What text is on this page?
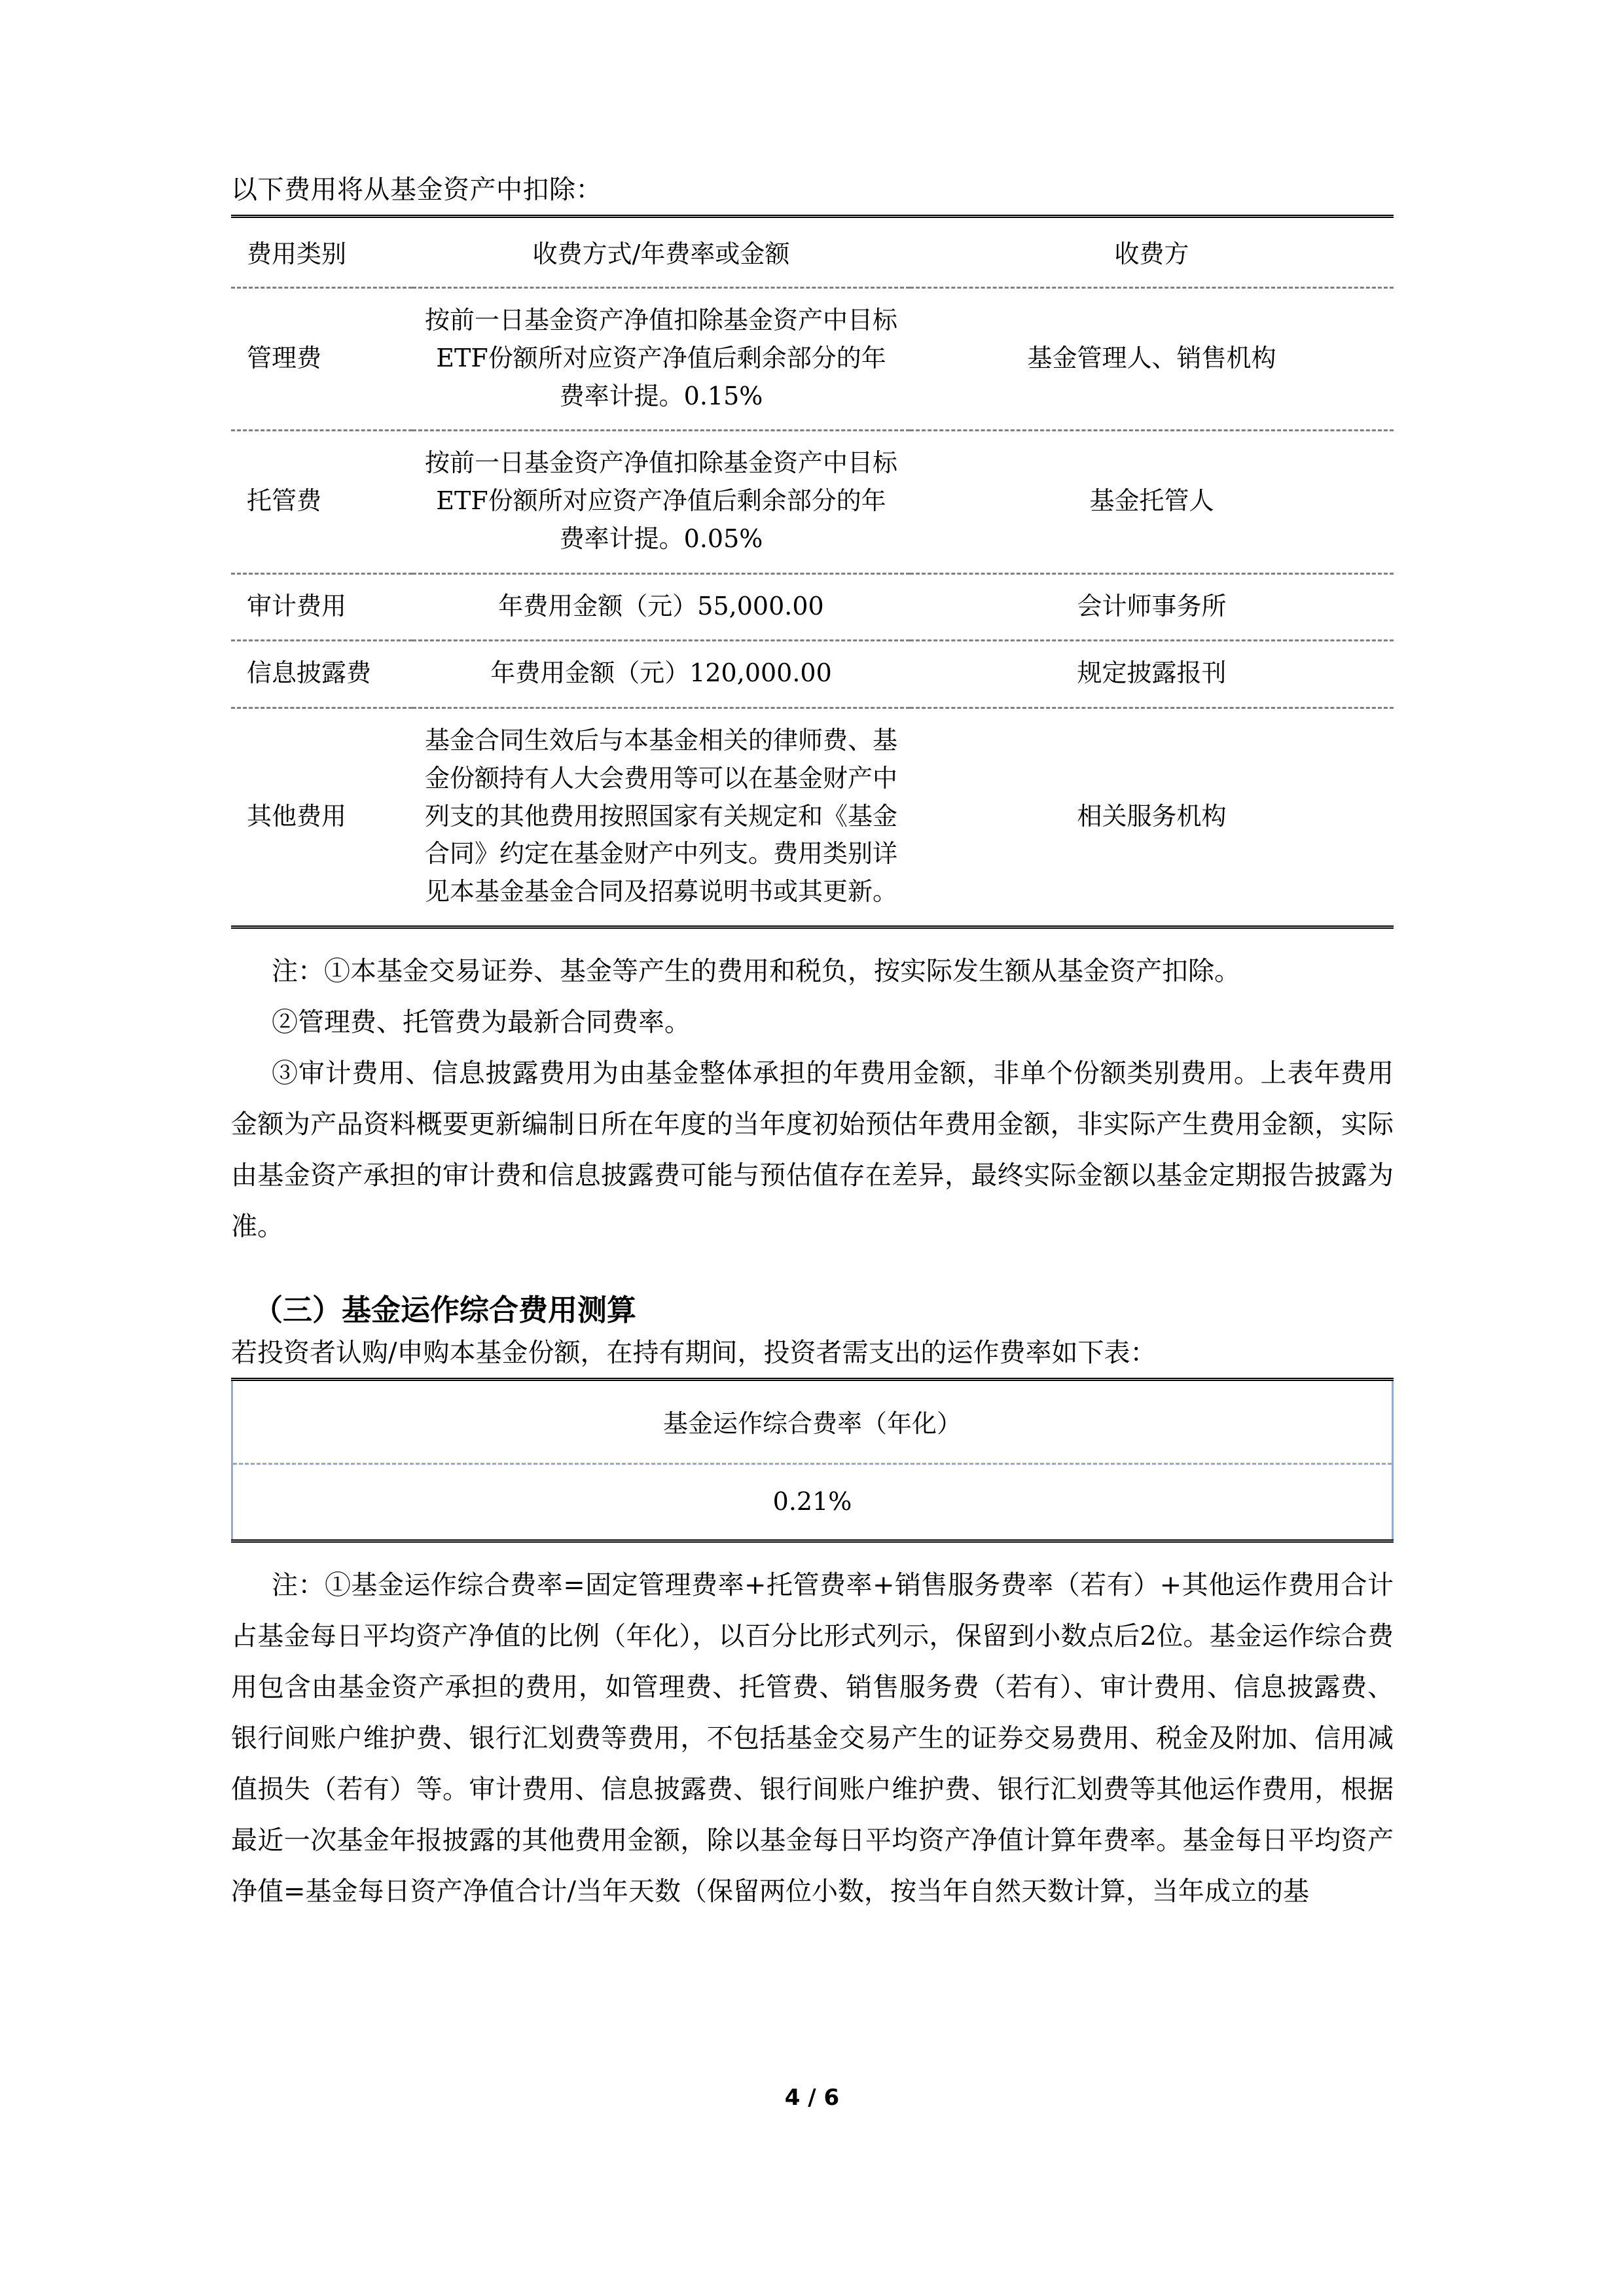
以下费用将从基金资产中扣除：

费用类别	收费方式/年费率或金额	收费方
管理费	按前一日基金资产净值扣除基金资产中目标ETF份额所对应资产净值后剩余部分的年费率计提。0.15%	基金管理人、销售机构
托管费	按前一日基金资产净值扣除基金资产中目标ETF份额所对应资产净值后剩余部分的年费率计提。0.05%	基金托管人
审计费用	年费用金额（元）55,000.00	会计师事务所
信息披露费	年费用金额（元）120,000.00	规定披露报刊
其他费用	基金合同生效后与本基金相关的律师费、基金份额持有人大会费用等可以在基金财产中列支的其他费用按照国家有关规定和《基金合同》约定在基金财产中列支。费用类别详见本基金基金合同及招募说明书或其更新。	相关服务机构

注：①本基金交易证券、基金等产生的费用和税负，按实际发生额从基金资产扣除。

②管理费、托管费为最新合同费率。

③审计费用、信息披露费用为由基金整体承担的年费用金额，非单个份额类别费用。上表年费用金额为产品资料概要更新编制日所在年度的当年度初始预估年费用金额，非实际产生费用金额，实际由基金资产承担的审计费和信息披露费可能与预估值存在差异，最终实际金额以基金定期报告披露为准。

（三）基金运作综合费用测算

若投资者认购/申购本基金份额，在持有期间，投资者需支出的运作费率如下表：

基金运作综合费率（年化）
0.21%

注：①基金运作综合费率=固定管理费率+托管费率+销售服务费率（若有）+其他运作费用合计占基金每日平均资产净值的比例（年化），以百分比形式列示，保留到小数点后2位。基金运作综合费用包含由基金资产承担的费用，如管理费、托管费、销售服务费（若有）、审计费用、信息披露费、银行间账户维护费、银行汇划费等费用，不包括基金交易产生的证券交易费用、税金及附加、信用减值损失（若有）等。审计费用、信息披露费、银行间账户维护费、银行汇划费等其他运作费用，根据最近一次基金年报披露的其他费用金额，除以基金每日平均资产净值计算年费率。基金每日平均资产净值=基金每日资产净值合计/当年天数（保留两位小数，按当年自然天数计算，当年成立的基

4 / 6
